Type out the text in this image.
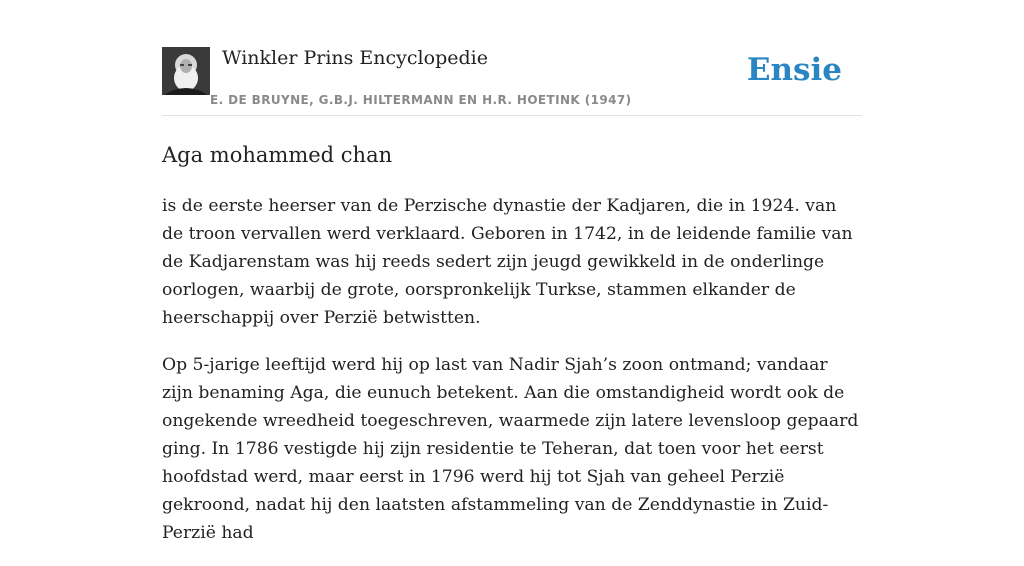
Winkler Prins Encyclopedie
E. DE BRUYNE, G.B.J. HILTERMANN EN H.R. HOETINK (1947)
Ensie
Aga mohammed chan

is de eerste heerser van de Perzische dynastie der Kadjaren, die in 1924. van de troon vervallen werd verklaard. Geboren in 1742, in de leidende familie van de Kadjarenstam was hij reeds sedert zijn jeugd gewikkeld in de onderlinge oorlogen, waarbij de grote, oorspronkelijk Turkse, stammen elkander de heerschappij over Perzië betwistten.

Op 5-jarige leeftijd werd hij op last van Nadir Sjah’s zoon ontmand; vandaar zijn benaming Aga, die eunuch betekent. Aan die omstandigheid wordt ook de ongekende wreedheid toegeschreven, waarmede zijn latere levensloop gepaard ging. In 1786 vestigde hij zijn residentie te Teheran, dat toen voor het eerst hoofdstad werd, maar eerst in 1796 werd hij tot Sjah van geheel Perzië gekroond, nadat hij den laatsten afstammeling van de Zenddynastie in Zuid-Perzië had
